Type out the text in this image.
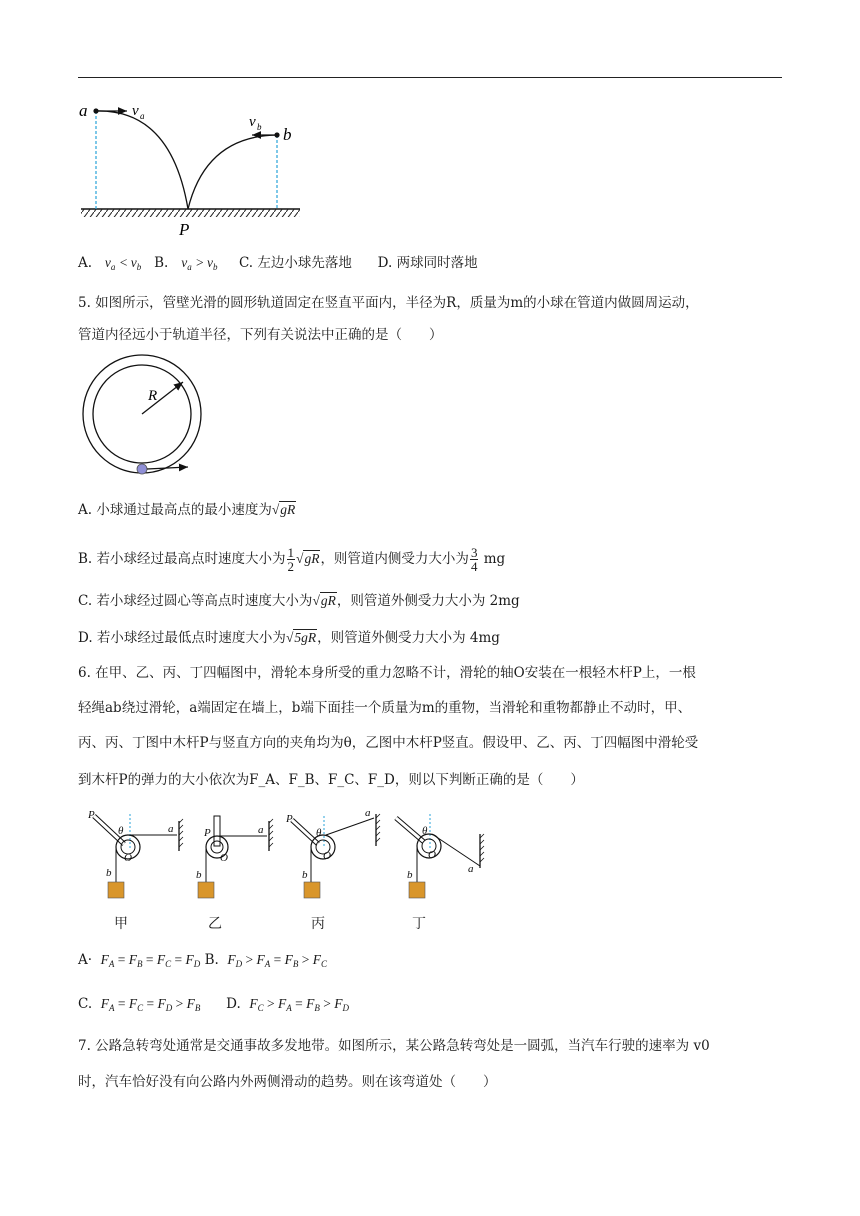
a	v a	v b b
P
A. $v_a < v_b$ B. $v_a > v_b$ C. 左边小球先落地 D. 两球同时落地
5. 如图所示，管壁光滑的圆形轨道固定在竖直平面内，半径为R，质量为m的小球在管道内做圆周运动，
管道内径远小于轨道半径，下列有关说法中正确的是（　　）
R
A. 小球通过最高点的最小速度为√gR
B. 若小球经过最高点时速度大小为 $\frac{1}{2} √gR$，则管道内侧受力大小为 $\frac{3}{4}$ mg
C. 若小球经过圆心等高点时速度大小为√gR，则管道外侧受力大小为 2mg
D. 若小球经过最低点时速度大小为√5gR，则管道外侧受力大小为 4mg
6. 在甲、乙、丙、丁四幅图中，滑轮本身所受的重力忽略不计，滑轮的轴O安装在一根轻木杆P上，一根
轻绳ab绕过滑轮，a端固定在墙上，b端下面挂一个质量为m的重物，当滑轮和重物都静止不动时，甲、
丙、丙、丁图中木杆P与竖直方向的夹角均为θ，乙图中木杆P竖直。假设甲、乙、丙、丁四幅图中滑轮受
到木杆P的弹力的大小依次为F_A、F_B、F_C、F_D，则以下判断正确的是（　　）
P
θ
O
a
b
P
O
a
b
P
θ
O
a
b
θ
O
a
b
甲	乙	丙	丁
$A\cdot F_A = F_B = F_C = F_D$ B.  $F_D > F_A = F_B > F_C$
C.  $F_A = F_C = F_D > F_B$ D.  $F_C > F_A = F_B > F_D$
7. 公路急转弯处通常是交通事故多发地带。如图所示，某公路急转弯处是一圆弧，当汽车行驶的速率为 v0
时，汽车恰好没有向公路内外两侧滑动的趋势。则在该弯道处（　　）
